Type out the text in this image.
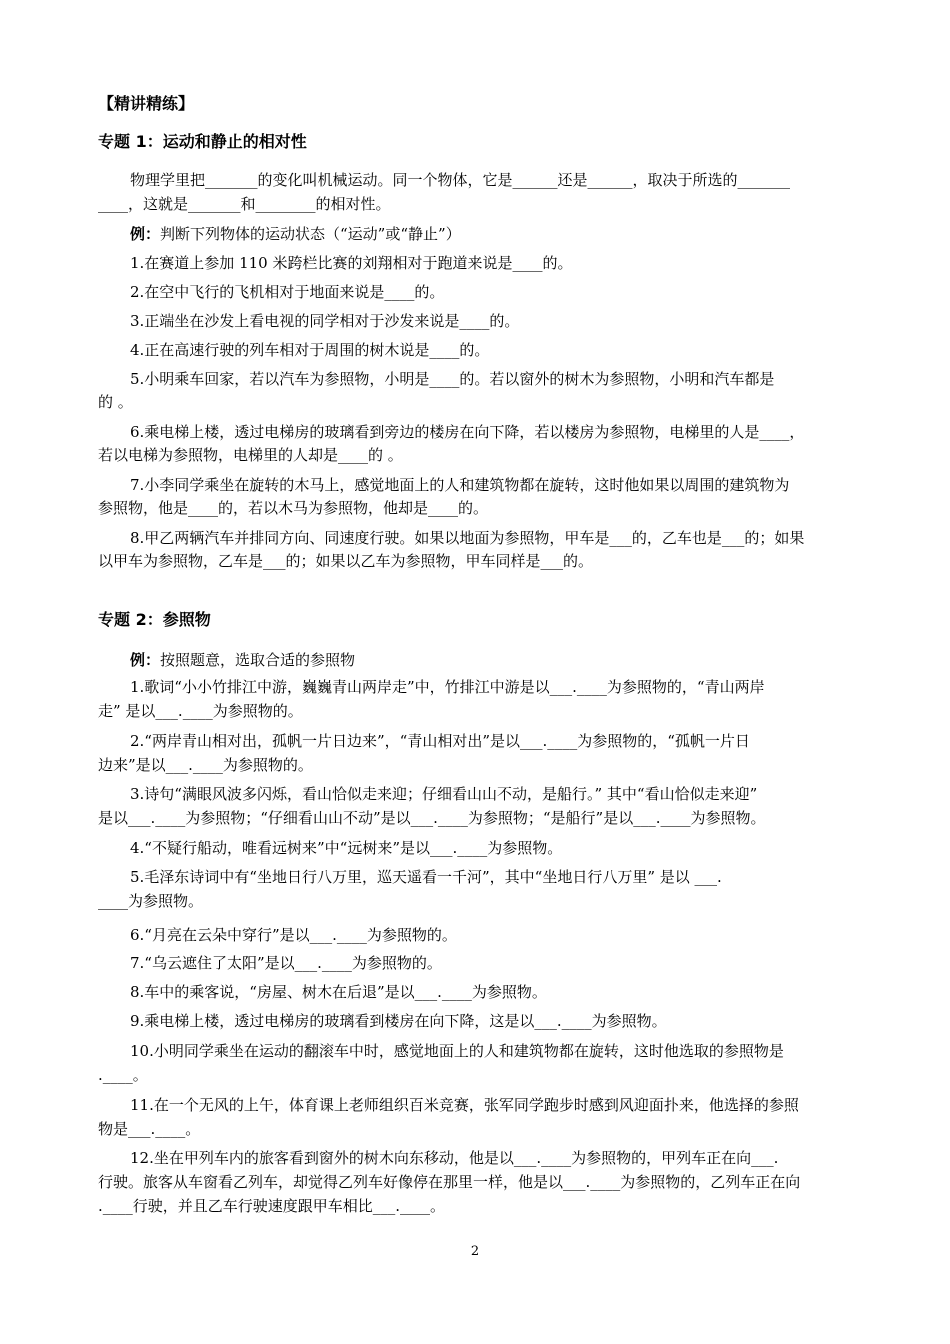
【精讲精练】
专题 1：运动和静止的相对性
物理学里把_______的变化叫机械运动。同一个物体，它是______还是______，取决于所选的_______
____，这就是_______和________的相对性。
例：判断下列物体的运动状态（“运动”或“静止”）
1.在赛道上参加 110 米跨栏比赛的刘翔相对于跑道来说是____的。
2.在空中飞行的飞机相对于地面来说是____的。
3.正端坐在沙发上看电视的同学相对于沙发来说是____的。
4.正在高速行驶的列车相对于周围的树木说是____的。
5.小明乘车回家，若以汽车为参照物，小明是____的。若以窗外的树木为参照物，小明和汽车都是
的 。
6.乘电梯上楼，透过电梯房的玻璃看到旁边的楼房在向下降，若以楼房为参照物，电梯里的人是____，
若以电梯为参照物，电梯里的人却是____的 。
7.小李同学乘坐在旋转的木马上，感觉地面上的人和建筑物都在旋转，这时他如果以周围的建筑物为
参照物，他是____的，若以木马为参照物，他却是____的。
8.甲乙两辆汽车并排同方向、同速度行驶。如果以地面为参照物，甲车是___的，乙车也是___的；如果
以甲车为参照物，乙车是___的；如果以乙车为参照物，甲车同样是___的。
专题 2：参照物
例：按照题意，选取合适的参照物
1.歌词“小小竹排江中游，巍巍青山两岸走”中，竹排江中游是以___.____为参照物的，“青山两岸
走” 是以___.____为参照物的。
2.“两岸青山相对出，孤帆一片日边来”，“青山相对出”是以___.____为参照物的，“孤帆一片日
边来”是以___.____为参照物的。
3.诗句“满眼风波多闪烁，看山恰似走来迎；仔细看山山不动，是船行。” 其中“看山恰似走来迎”
是以___.____为参照物；“仔细看山山不动”是以___.____为参照物；“是船行”是以___.____为参照物。
4.“不疑行船动，唯看远树来”中“远树来”是以___.____为参照物。
5.毛泽东诗词中有“坐地日行八万里，巡天遥看一千河”，其中“坐地日行八万里” 是以 ___.
____为参照物。
6.“月亮在云朵中穿行”是以___.____为参照物的。
7.“乌云遮住了太阳”是以___.____为参照物的。
8.车中的乘客说，“房屋、树木在后退”是以___.____为参照物。
9.乘电梯上楼，透过电梯房的玻璃看到楼房在向下降，这是以___.____为参照物。
10.小明同学乘坐在运动的翻滚车中时，感觉地面上的人和建筑物都在旋转，这时他选取的参照物是
.____。
11.在一个无风的上午，体育课上老师组织百米竞赛，张军同学跑步时感到风迎面扑来，他选择的参照
物是___.____。
12.坐在甲列车内的旅客看到窗外的树木向东移动，他是以___.____为参照物的，甲列车正在向___.
行驶。旅客从车窗看乙列车，却觉得乙列车好像停在那里一样，他是以___.____为参照物的，乙列车正在向
.____行驶，并且乙车行驶速度跟甲车相比___.____。
2
